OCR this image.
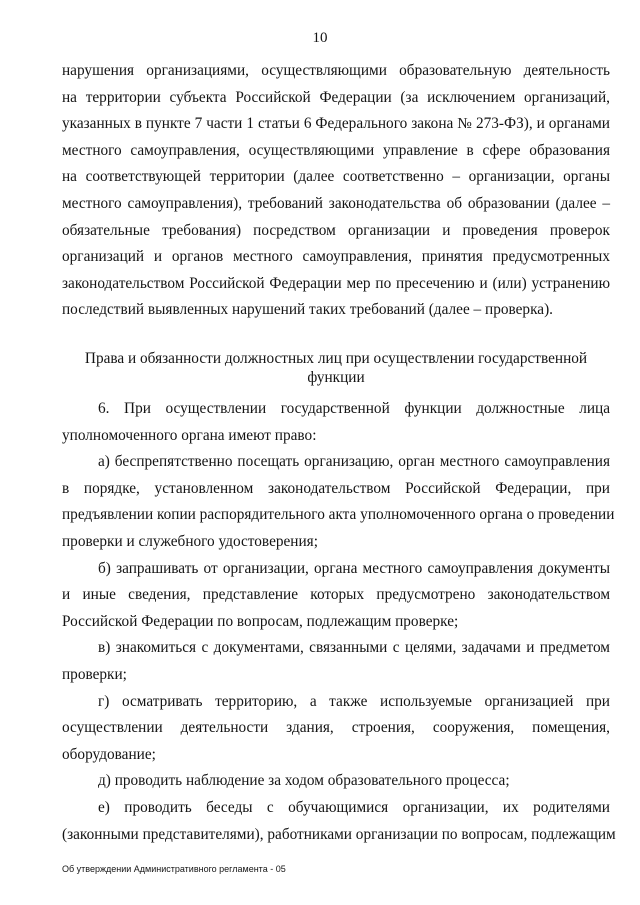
10
нарушения организациями, осуществляющими образовательную деятельность
на территории субъекта Российской Федерации (за исключением организаций,
указанных в пункте 7 части 1 статьи 6 Федерального закона № 273-ФЗ), и органами
местного самоуправления, осуществляющими управление в сфере образования
на соответствующей территории (далее соответственно – организации, органы
местного самоуправления), требований законодательства об образовании (далее –
обязательные требования) посредством организации и проведения проверок
организаций и органов местного самоуправления, принятия предусмотренных
законодательством Российской Федерации мер по пресечению и (или) устранению
последствий выявленных нарушений таких требований (далее – проверка).
Права и обязанности должностных лиц при осуществлении государственной
функции
6. При осуществлении государственной функции должностные лица
уполномоченного органа имеют право:
а) беспрепятственно посещать организацию, орган местного самоуправления
в порядке, установленном законодательством Российской Федерации, при
предъявлении копии распорядительного акта уполномоченного органа о проведении
проверки и служебного удостоверения;
б) запрашивать от организации, органа местного самоуправления документы
и иные сведения, представление которых предусмотрено законодательством
Российской Федерации по вопросам, подлежащим проверке;
в) знакомиться с документами, связанными с целями, задачами и предметом
проверки;
г) осматривать территорию, а также используемые организацией при
осуществлении деятельности здания, строения, сооружения, помещения,
оборудование;
д) проводить наблюдение за ходом образовательного процесса;
е) проводить беседы с обучающимися организации, их родителями
(законными представителями), работниками организации по вопросам, подлежащим
Об утверждении Административного регламента - 05
